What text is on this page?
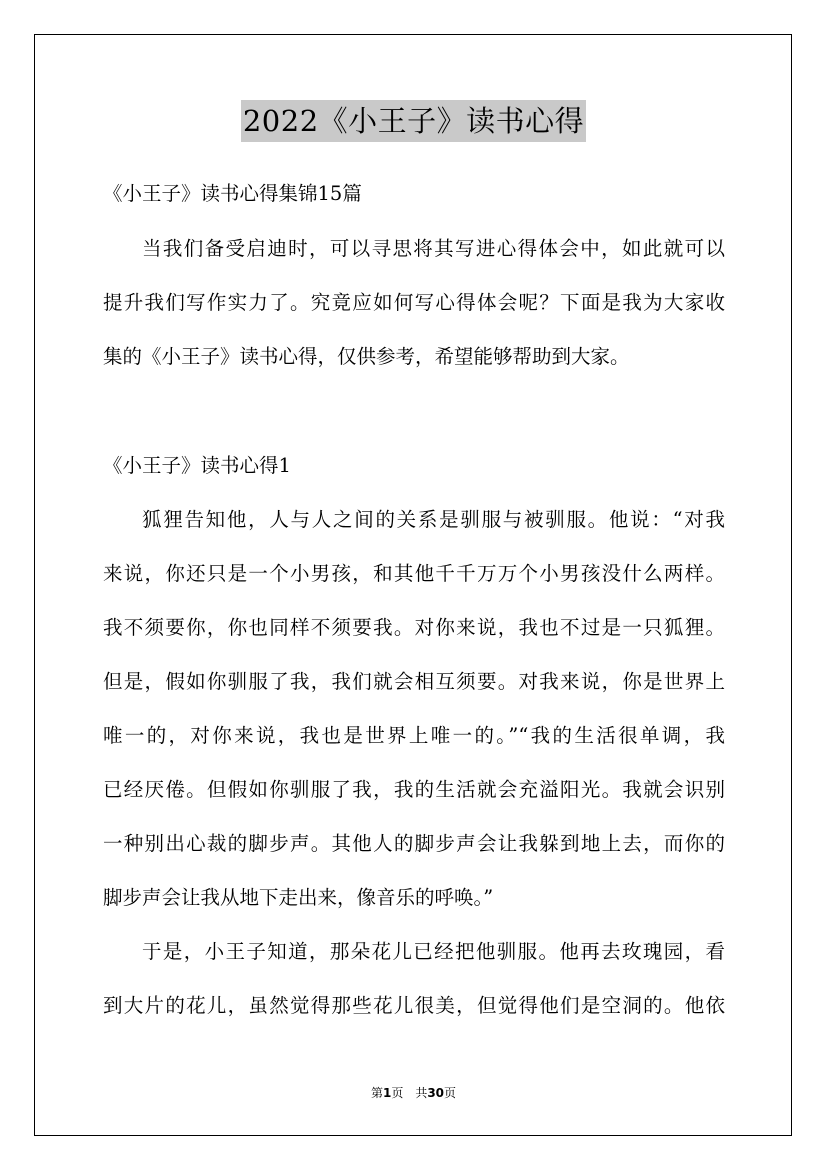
2022《小王子》读书心得
《小王子》读书心得集锦15篇
当我们备受启迪时，可以寻思将其写进心得体会中，如此就可以
提升我们写作实力了。究竟应如何写心得体会呢？下面是我为大家收
集的《小王子》读书心得，仅供参考，希望能够帮助到大家。
《小王子》读书心得1
狐狸告知他，人与人之间的关系是驯服与被驯服。他说：“对我
来说，你还只是一个小男孩，和其他千千万万个小男孩没什么两样。
我不须要你，你也同样不须要我。对你来说，我也不过是一只狐狸。
但是，假如你驯服了我，我们就会相互须要。对我来说，你是世界上
唯一的，对你来说，我也是世界上唯一的。”“我的生活很单调，我
已经厌倦。但假如你驯服了我，我的生活就会充溢阳光。我就会识别
一种别出心裁的脚步声。其他人的脚步声会让我躲到地上去，而你的
脚步声会让我从地下走出来，像音乐的呼唤。”
于是，小王子知道，那朵花儿已经把他驯服。他再去玫瑰园，看
到大片的花儿，虽然觉得那些花儿很美，但觉得他们是空洞的。他依
第1页　共30页
